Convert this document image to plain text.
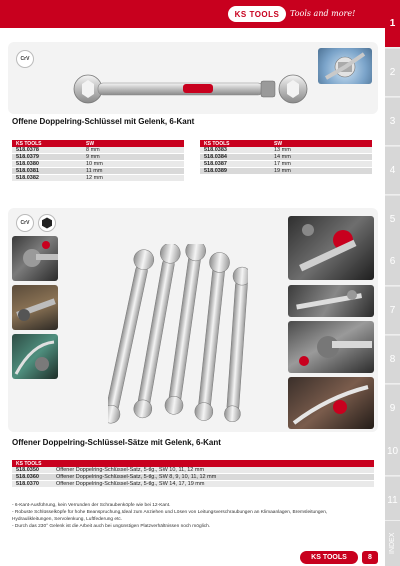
KS TOOLS	Tools and more!
1
2
3
4
5
6
7
8
9
10
11
INDEX
CrV
Offene Doppelring-Schlüssel mit Gelenk, 6-Kant
KS TOOLS	SW
518.0378	8 mm
518.0379	9 mm
518.0380	10 mm
518.0381	11 mm
518.0382	12 mm
KS TOOLS	SW
518.0383	13 mm
518.0384	14 mm
518.0387	17 mm
518.0389	19 mm
CrV
Offener Doppelring-Schlüssel-Sätze mit Gelenk, 6-Kant
KS TOOLS	
518.0350	Offener Doppelring-Schlüssel-Satz, 5-tlg., SW 10, 11, 12 mm
518.0360	Offener Doppelring-Schlüssel-Satz, 5-tlg., SW 8, 9, 10, 11, 12 mm
518.0370	Offener Doppelring-Schlüssel-Satz, 5-tlg., SW 14, 17, 19 mm
- 6-Kant-Ausführung, kein Verrunden der Schraubenköpfe wie bei 12-Kant.
- Robuste Schlüsselköpfe für hohe Beanspruchung,Ideal zum Anziehen und Lösen von Leitungsverschraubungen an Klimaanlagen, Bremsleitungen,
Hydraulikleitungen, Servolenkung, Luftfederung etc.
- Durch das 230° Gelenk ist die Arbeit auch bei ungünstigen Platzverhältnissen noch möglich.
KS TOOLS	8
